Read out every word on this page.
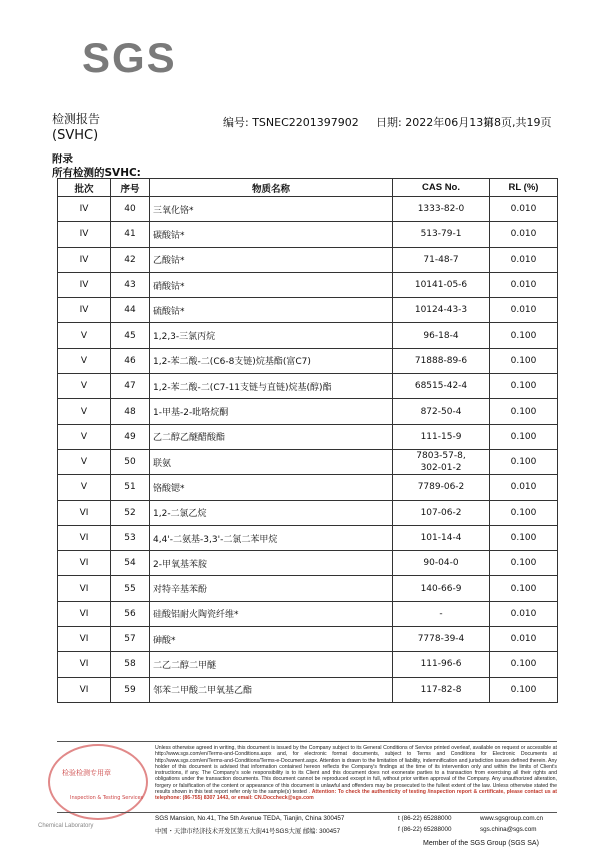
SGS
检测报告
(SVHC)
编号: TSNEC2201397902 日期: 2022年06月13日
第8页,共19页
附录
所有检测的SVHC:
批次	序号	物质名称	CAS No.	RL (%)
IV	40	三氧化铬*	1333-82-0	0.010
IV	41	碳酸钴*	513-79-1	0.010
IV	42	乙酸钴*	71-48-7	0.010
IV	43	硝酸钴*	10141-05-6	0.010
IV	44	硫酸钴*	10124-43-3	0.010
V	45	1,2,3-三氯丙烷	96-18-4	0.100
V	46	1,2-苯二酸-二(C6-8支链)烷基酯(富C7)	71888-89-6	0.100
V	47	1,2-苯二酸-二(C7-11支链与直链)烷基(醇)酯	68515-42-4	0.100
V	48	1-甲基-2-吡咯烷酮	872-50-4	0.100
V	49	乙二醇乙醚醋酸酯	111-15-9	0.100
V	50	联氨	7803-57-8,
302-01-2	0.100
V	51	铬酸锶*	7789-06-2	0.010
VI	52	1,2-二氯乙烷	107-06-2	0.100
VI	53	4,4'-二氨基-3,3'-二氯二苯甲烷	101-14-4	0.100
VI	54	2-甲氧基苯胺	90-04-0	0.100
VI	55	对特辛基苯酚	140-66-9	0.100
VI	56	硅酸铝耐火陶瓷纤维*	-	0.010
VI	57	砷酸*	7778-39-4	0.010
VI	58	二乙二醇二甲醚	111-96-6	0.100
VI	59	邻苯二甲酸二甲氧基乙酯	117-82-8	0.100
检验检测专用章
Inspection & Testing Services
Chemical Laboratory
Unless otherwise agreed in writing, this document is issued by the Company subject to its General Conditions of Service printed overleaf, available on request or accessible at http://www.sgs.com/en/Terms-and-Conditions.aspx and, for electronic format documents, subject to Terms and Conditions for Electronic Documents at http://www.sgs.com/en/Terms-and-Conditions/Terms-e-Document.aspx. Attention is drawn to the limitation of liability, indemnification and jurisdiction issues defined therein. Any holder of this document is advised that information contained hereon reflects the Company's findings at the time of its intervention only and within the limits of Client's instructions, if any. The Company's sole responsibility is to its Client and this document does not exonerate parties to a transaction from exercising all their rights and obligations under the transaction documents. This document cannot be reproduced except in full, without prior written approval of the Company. Any unauthorized alteration, forgery or falsification of the content or appearance of this document is unlawful and offenders may be prosecuted to the fullest extent of the law. Unless otherwise stated the results shown in this test report refer only to the sample(s) tested . Attention: To check the authenticity of testing /inspection report & certificate, please contact us at telephone: (86-755) 8307 1443, or email: CN.Doccheck@sgs.com
SGS Mansion, No.41, The 5th Avenue TEDA, Tianjin, China 300457
中国・天津市经济技术开发区第五大街41号SGS大厦 邮编: 300457
t (86-22) 65288000
f (86-22) 65288000
www.sgsgroup.com.cn
sgs.china@sgs.com
Member of the SGS Group (SGS SA)
